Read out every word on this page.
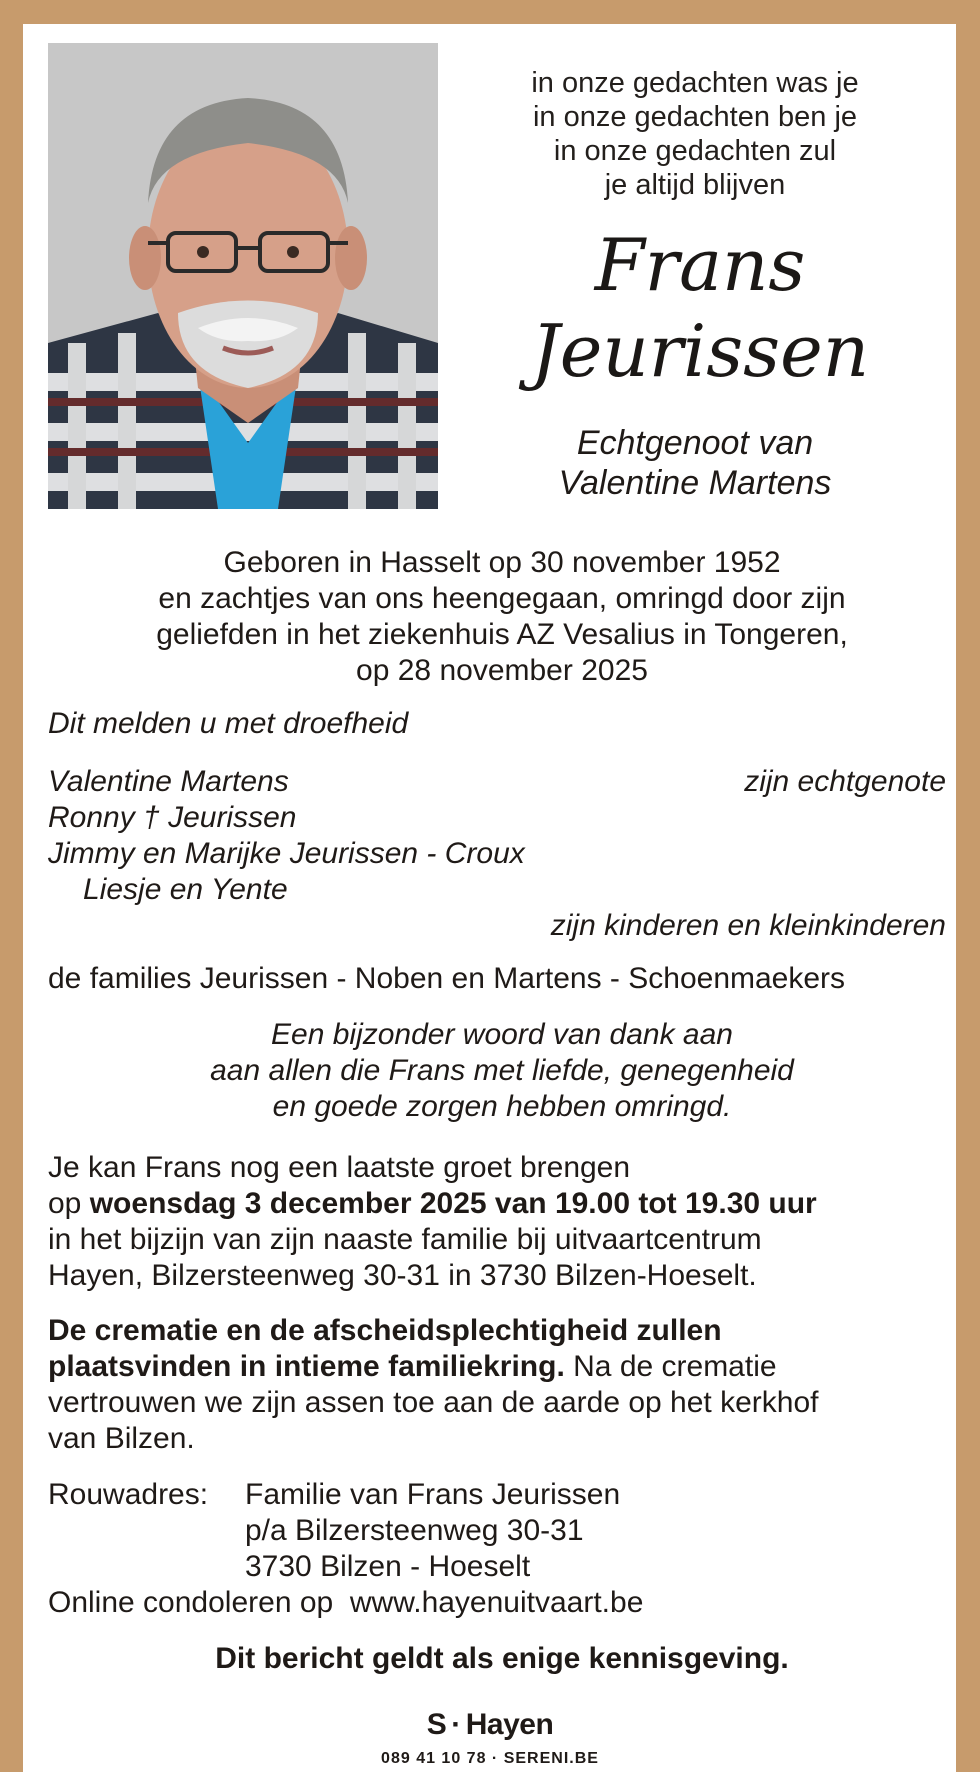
in onze gedachten was je
in onze gedachten ben je
in onze gedachten zul
je altijd blijven
Frans
Jeurissen
Echtgenoot van
Valentine Martens
Geboren in Hasselt op 30 november 1952
en zachtjes van ons heengegaan, omringd door zijn
geliefden in het ziekenhuis AZ Vesalius in Tongeren,
op 28 november 2025
Dit melden u met droefheid
Valentine Martens	zijn echtgenote
Ronny † Jeurissen
Jimmy en Marijke Jeurissen - Croux
Liesje en Yente
zijn kinderen en kleinkinderen
de families Jeurissen - Noben en Martens - Schoenmaekers
Een bijzonder woord van dank aan
aan allen die Frans met liefde, genegenheid
en goede zorgen hebben omringd.
Je kan Frans nog een laatste groet brengen
op woensdag 3 december 2025 van 19.00 tot 19.30 uur
in het bijzijn van zijn naaste familie bij uitvaartcentrum
Hayen, Bilzersteenweg 30-31 in 3730 Bilzen-Hoeselt.
De crematie en de afscheidsplechtigheid zullen
plaatsvinden in intieme familiekring. Na de crematie
vertrouwen we zijn assen toe aan de aarde op het kerkhof
van Bilzen.
Rouwadres:	Familie van Frans Jeurissen
p/a Bilzersteenweg 30-31
3730 Bilzen - Hoeselt
Online condoleren op www.hayenuitvaart.be
Dit bericht geldt als enige kennisgeving.
S · Hayen
089 41 10 78 · SERENI.BE
